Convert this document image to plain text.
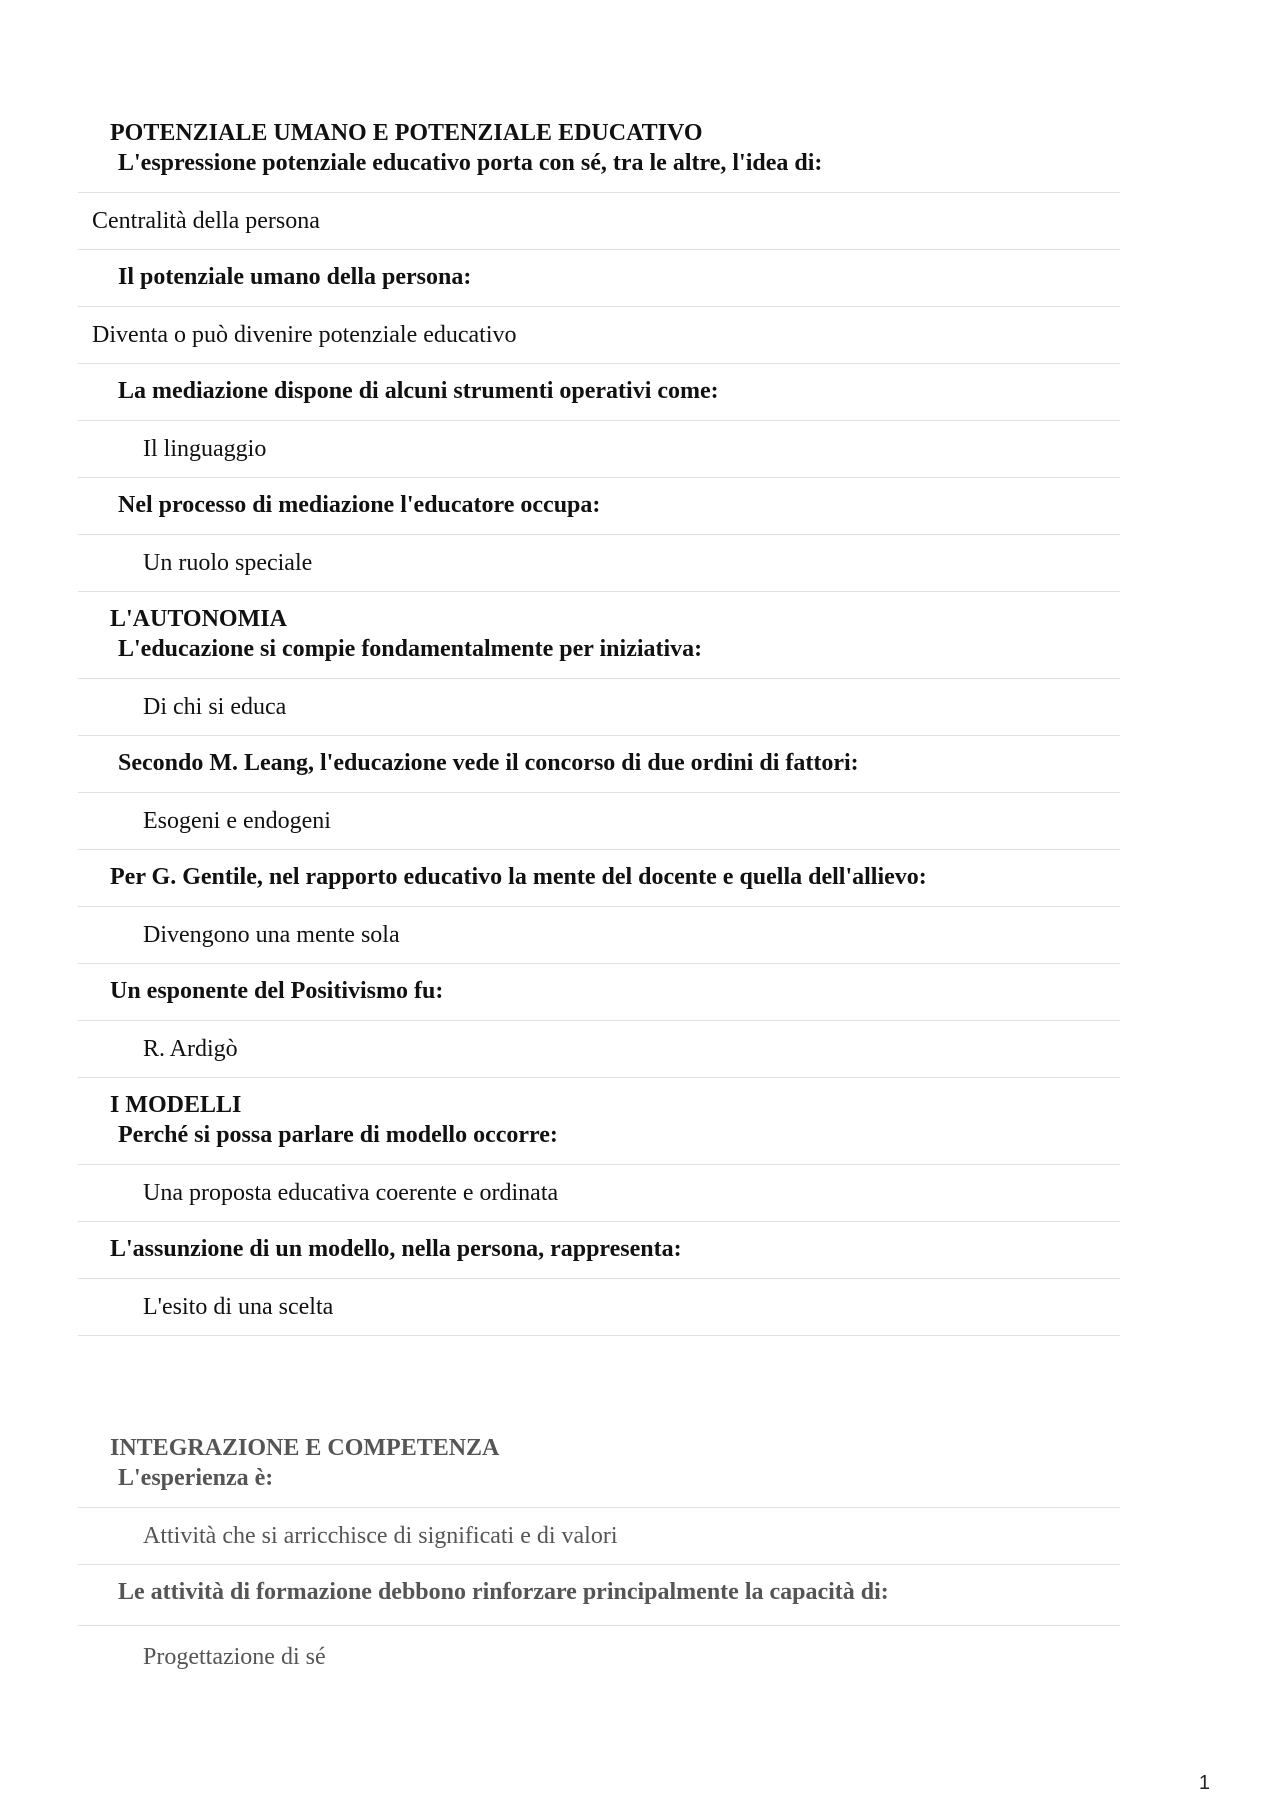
POTENZIALE UMANO E POTENZIALE EDUCATIVO
L'espressione potenziale educativo porta con sé, tra le altre, l'idea di:
Centralità della persona
Il potenziale umano della persona:
Diventa o può divenire potenziale educativo
La mediazione dispone di alcuni strumenti operativi come:
Il linguaggio
Nel processo di mediazione l'educatore occupa:
Un ruolo speciale
L'AUTONOMIA
L'educazione si compie fondamentalmente per iniziativa:
Di chi si educa
Secondo M. Leang, l'educazione vede il concorso di due ordini di fattori:
Esogeni e endogeni
Per G. Gentile, nel rapporto educativo la mente del docente e quella dell'allievo:
Divengono una mente sola
Un esponente del Positivismo fu:
R. Ardigò
I MODELLI
Perché si possa parlare di modello occorre:
Una proposta educativa coerente e ordinata
L'assunzione di un modello, nella persona, rappresenta:
L'esito di una scelta
INTEGRAZIONE E COMPETENZA
L'esperienza è:
Attività che si arricchisce di significati e di valori
Le attività di formazione debbono rinforzare principalmente la capacità di:
Progettazione di sé
1
